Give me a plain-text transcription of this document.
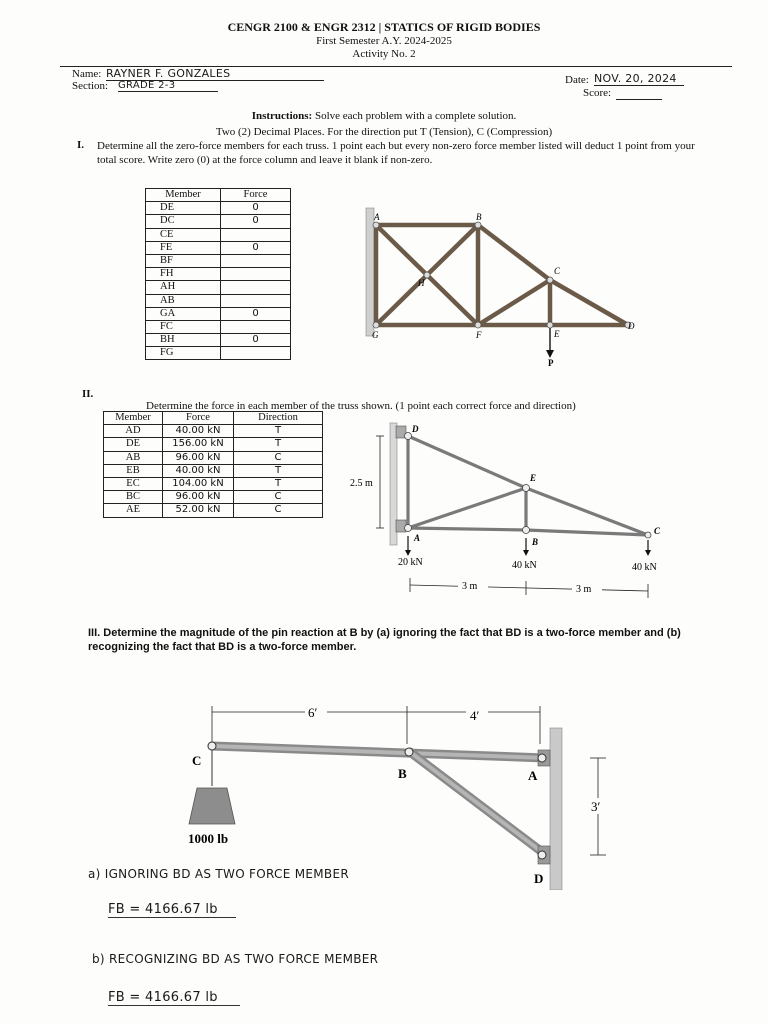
CENGR 2100 & ENGR 2312 | STATICS OF RIGID BODIES
First Semester A.Y. 2024-2025
Activity No. 2
Name: RAYNER F. GONZALES
Section: GRADE 2-3	Date: NOV. 20, 2024
Score:
Instructions: Solve each problem with a complete solution.
Two (2) Decimal Places. For the direction put T (Tension), C (Compression)
I. Determine all the zero-force members for each truss. 1 point each but every non-zero force member listed will deduct 1 point from your total score. Write zero (0) at the force column and leave it blank if non-zero.
Member	Force
DE	0
DC	0
CE	
FE	0
BF	
FH	
AH	
AB	
GA	0
FC	
BH	0
FG	
A	B
C
D
E
F
G
H
P
II.
Determine the force in each member of the truss shown. (1 point each correct force and direction)
Member	Force	Direction
AD	40.00 kN	T
DE	156.00 kN	T
AB	96.00 kN	C
EB	40.00 kN	T
EC	104.00 kN	T
BC	96.00 kN	C
AE	52.00 kN	C
2.5 m
20 kN	40 kN	40 kN
3 m	3 m
D
E
A	B
C
III. Determine the magnitude of the pin reaction at B by (a) ignoring the fact that BD is a two-force member and (b) recognizing the fact that BD is a two-force member.
6′	4′
3′
1000 lb
C
B	A
D
a) IGNORING BD AS TWO FORCE MEMBER
FB = 4166.67 lb
b) RECOGNIZING BD AS TWO FORCE MEMBER
FB = 4166.67 lb
